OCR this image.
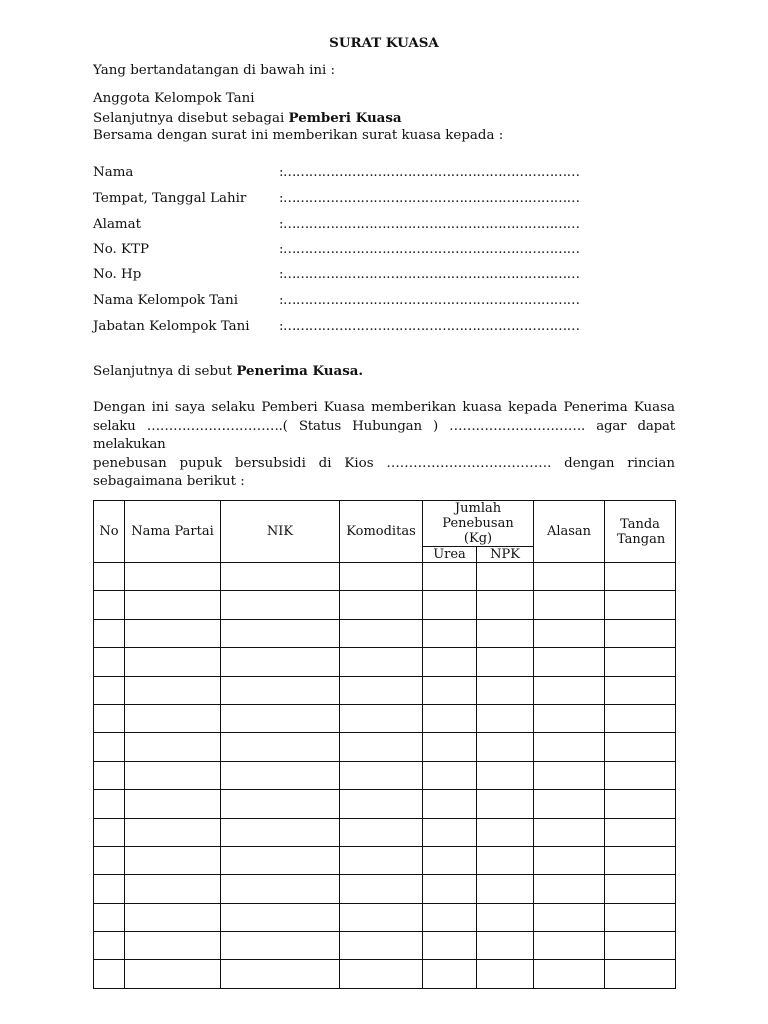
SURAT KUASA
Yang bertandatangan di bawah ini :
Anggota Kelompok Tani
Selanjutnya disebut sebagai Pemberi Kuasa
Bersama dengan surat ini memberikan surat kuasa kepada :
Nama	:……………………………………………………………
Tempat, Tanggal Lahir :……………………………………………………………
Alamat	:……………………………………………………………
No. KTP	:……………………………………………………………
No. Hp	:……………………………………………………………
Nama Kelompok Tani	:……………………………………………………………
Jabatan Kelompok Tani :……………………………………………………………
Selanjutnya di sebut Penerima Kuasa.
Dengan ini saya selaku Pemberi Kuasa memberikan kuasa kepada Penerima Kuasa
selaku ………………………….( Status Hubungan ) …………………………. agar dapat melakukan
penebusan pupuk bersubsidi di Kios ………………………………. dengan rincian
sebagaimana berikut :
No	Nama Partai	NIK	Komoditas	Jumlah Penebusan (Kg)		Alasan	Tanda Tangan
				Urea	NPK		
